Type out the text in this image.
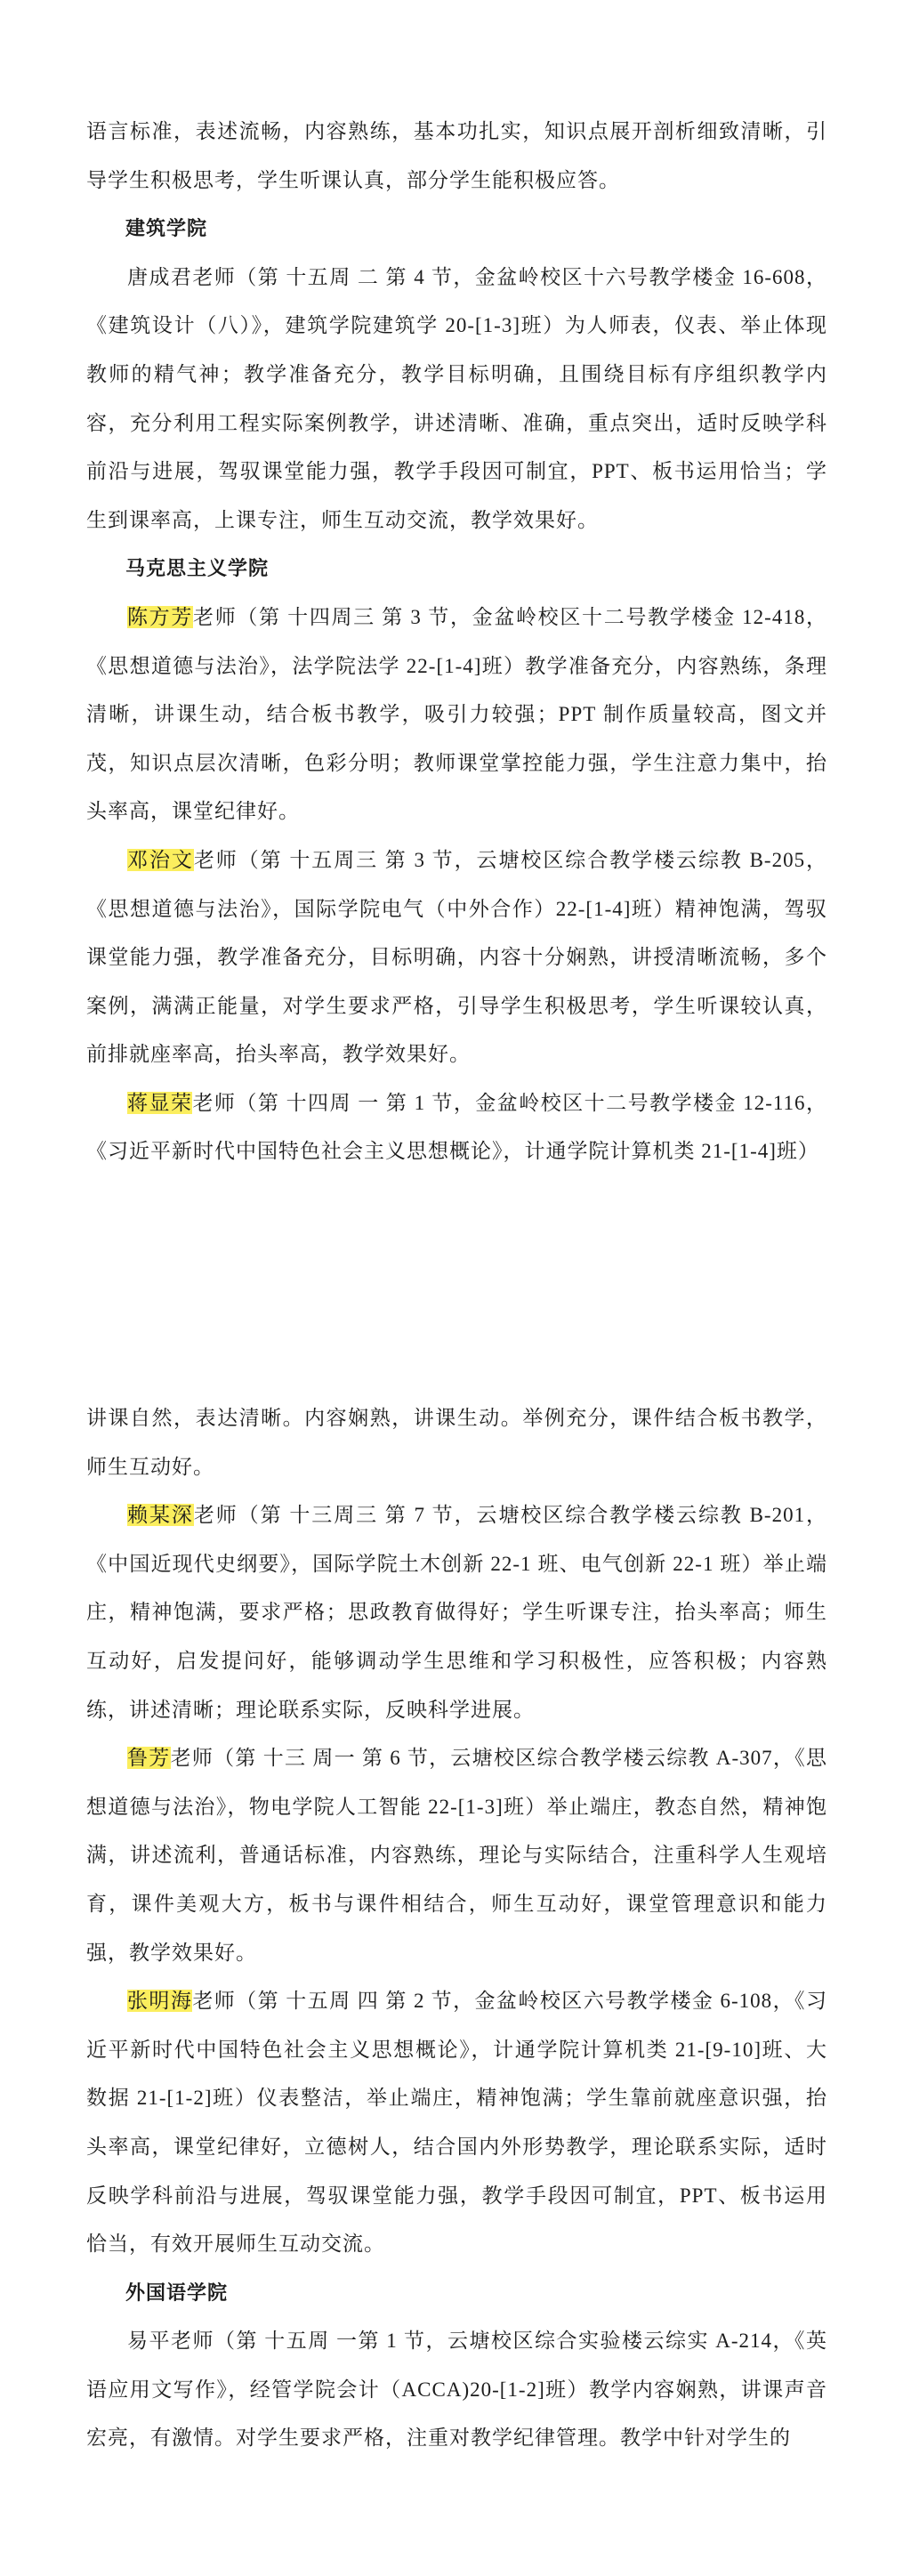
语言标准，表述流畅，内容熟练，基本功扎实，知识点展开剖析细致清晰，引导学生积极思考，学生听课认真，部分学生能积极应答。

建筑学院

唐成君老师（第 十五周 二 第 4 节，金盆岭校区十六号教学楼金 16-608，《建筑设计（八）》，建筑学院建筑学 20-[1-3]班）为人师表，仪表、举止体现教师的精气神；教学准备充分，教学目标明确，且围绕目标有序组织教学内容，充分利用工程实际案例教学，讲述清晰、准确，重点突出，适时反映学科前沿与进展，驾驭课堂能力强，教学手段因可制宜，PPT、板书运用恰当；学生到课率高，上课专注，师生互动交流，教学效果好。

马克思主义学院

陈方芳老师（第 十四周三 第 3 节，金盆岭校区十二号教学楼金 12-418，《思想道德与法治》，法学院法学 22-[1-4]班）教学准备充分，内容熟练，条理清晰，讲课生动，结合板书教学，吸引力较强；PPT 制作质量较高，图文并茂，知识点层次清晰，色彩分明；教师课堂掌控能力强，学生注意力集中，抬头率高，课堂纪律好。

邓治文老师（第 十五周三 第 3 节，云塘校区综合教学楼云综教 B-205，《思想道德与法治》，国际学院电气（中外合作）22-[1-4]班）精神饱满，驾驭课堂能力强，教学准备充分，目标明确，内容十分娴熟，讲授清晰流畅，多个案例，满满正能量，对学生要求严格，引导学生积极思考，学生听课较认真，前排就座率高，抬头率高，教学效果好。

蒋显荣老师（第 十四周 一 第 1 节，金盆岭校区十二号教学楼金 12-116，《习近平新时代中国特色社会主义思想概论》，计通学院计算机类 21-[1-4]班）

讲课自然，表达清晰。内容娴熟，讲课生动。举例充分，课件结合板书教学，师生互动好。

赖某深老师（第 十三周三 第 7 节，云塘校区综合教学楼云综教 B-201，《中国近现代史纲要》，国际学院土木创新 22-1 班、电气创新 22-1 班）举止端庄，精神饱满，要求严格；思政教育做得好；学生听课专注，抬头率高；师生互动好，启发提问好，能够调动学生思维和学习积极性，应答积极；内容熟练，讲述清晰；理论联系实际，反映科学进展。

鲁芳老师（第 十三 周一 第 6 节，云塘校区综合教学楼云综教 A-307，《思想道德与法治》，物电学院人工智能 22-[1-3]班）举止端庄，教态自然，精神饱满，讲述流利，普通话标准，内容熟练，理论与实际结合，注重科学人生观培育，课件美观大方，板书与课件相结合，师生互动好，课堂管理意识和能力强，教学效果好。

张明海老师（第 十五周 四 第 2 节，金盆岭校区六号教学楼金 6-108，《习近平新时代中国特色社会主义思想概论》，计通学院计算机类 21-[9-10]班、大数据 21-[1-2]班）仪表整洁，举止端庄，精神饱满；学生靠前就座意识强，抬头率高，课堂纪律好，立德树人，结合国内外形势教学，理论联系实际，适时反映学科前沿与进展，驾驭课堂能力强，教学手段因可制宜，PPT、板书运用恰当，有效开展师生互动交流。

外国语学院

易平老师（第 十五周 一第 1 节，云塘校区综合实验楼云综实 A-214，《英语应用文写作》，经管学院会计（ACCA)20-[1-2]班）教学内容娴熟，讲课声音宏亮，有激情。对学生要求严格，注重对教学纪律管理。教学中针对学生的
